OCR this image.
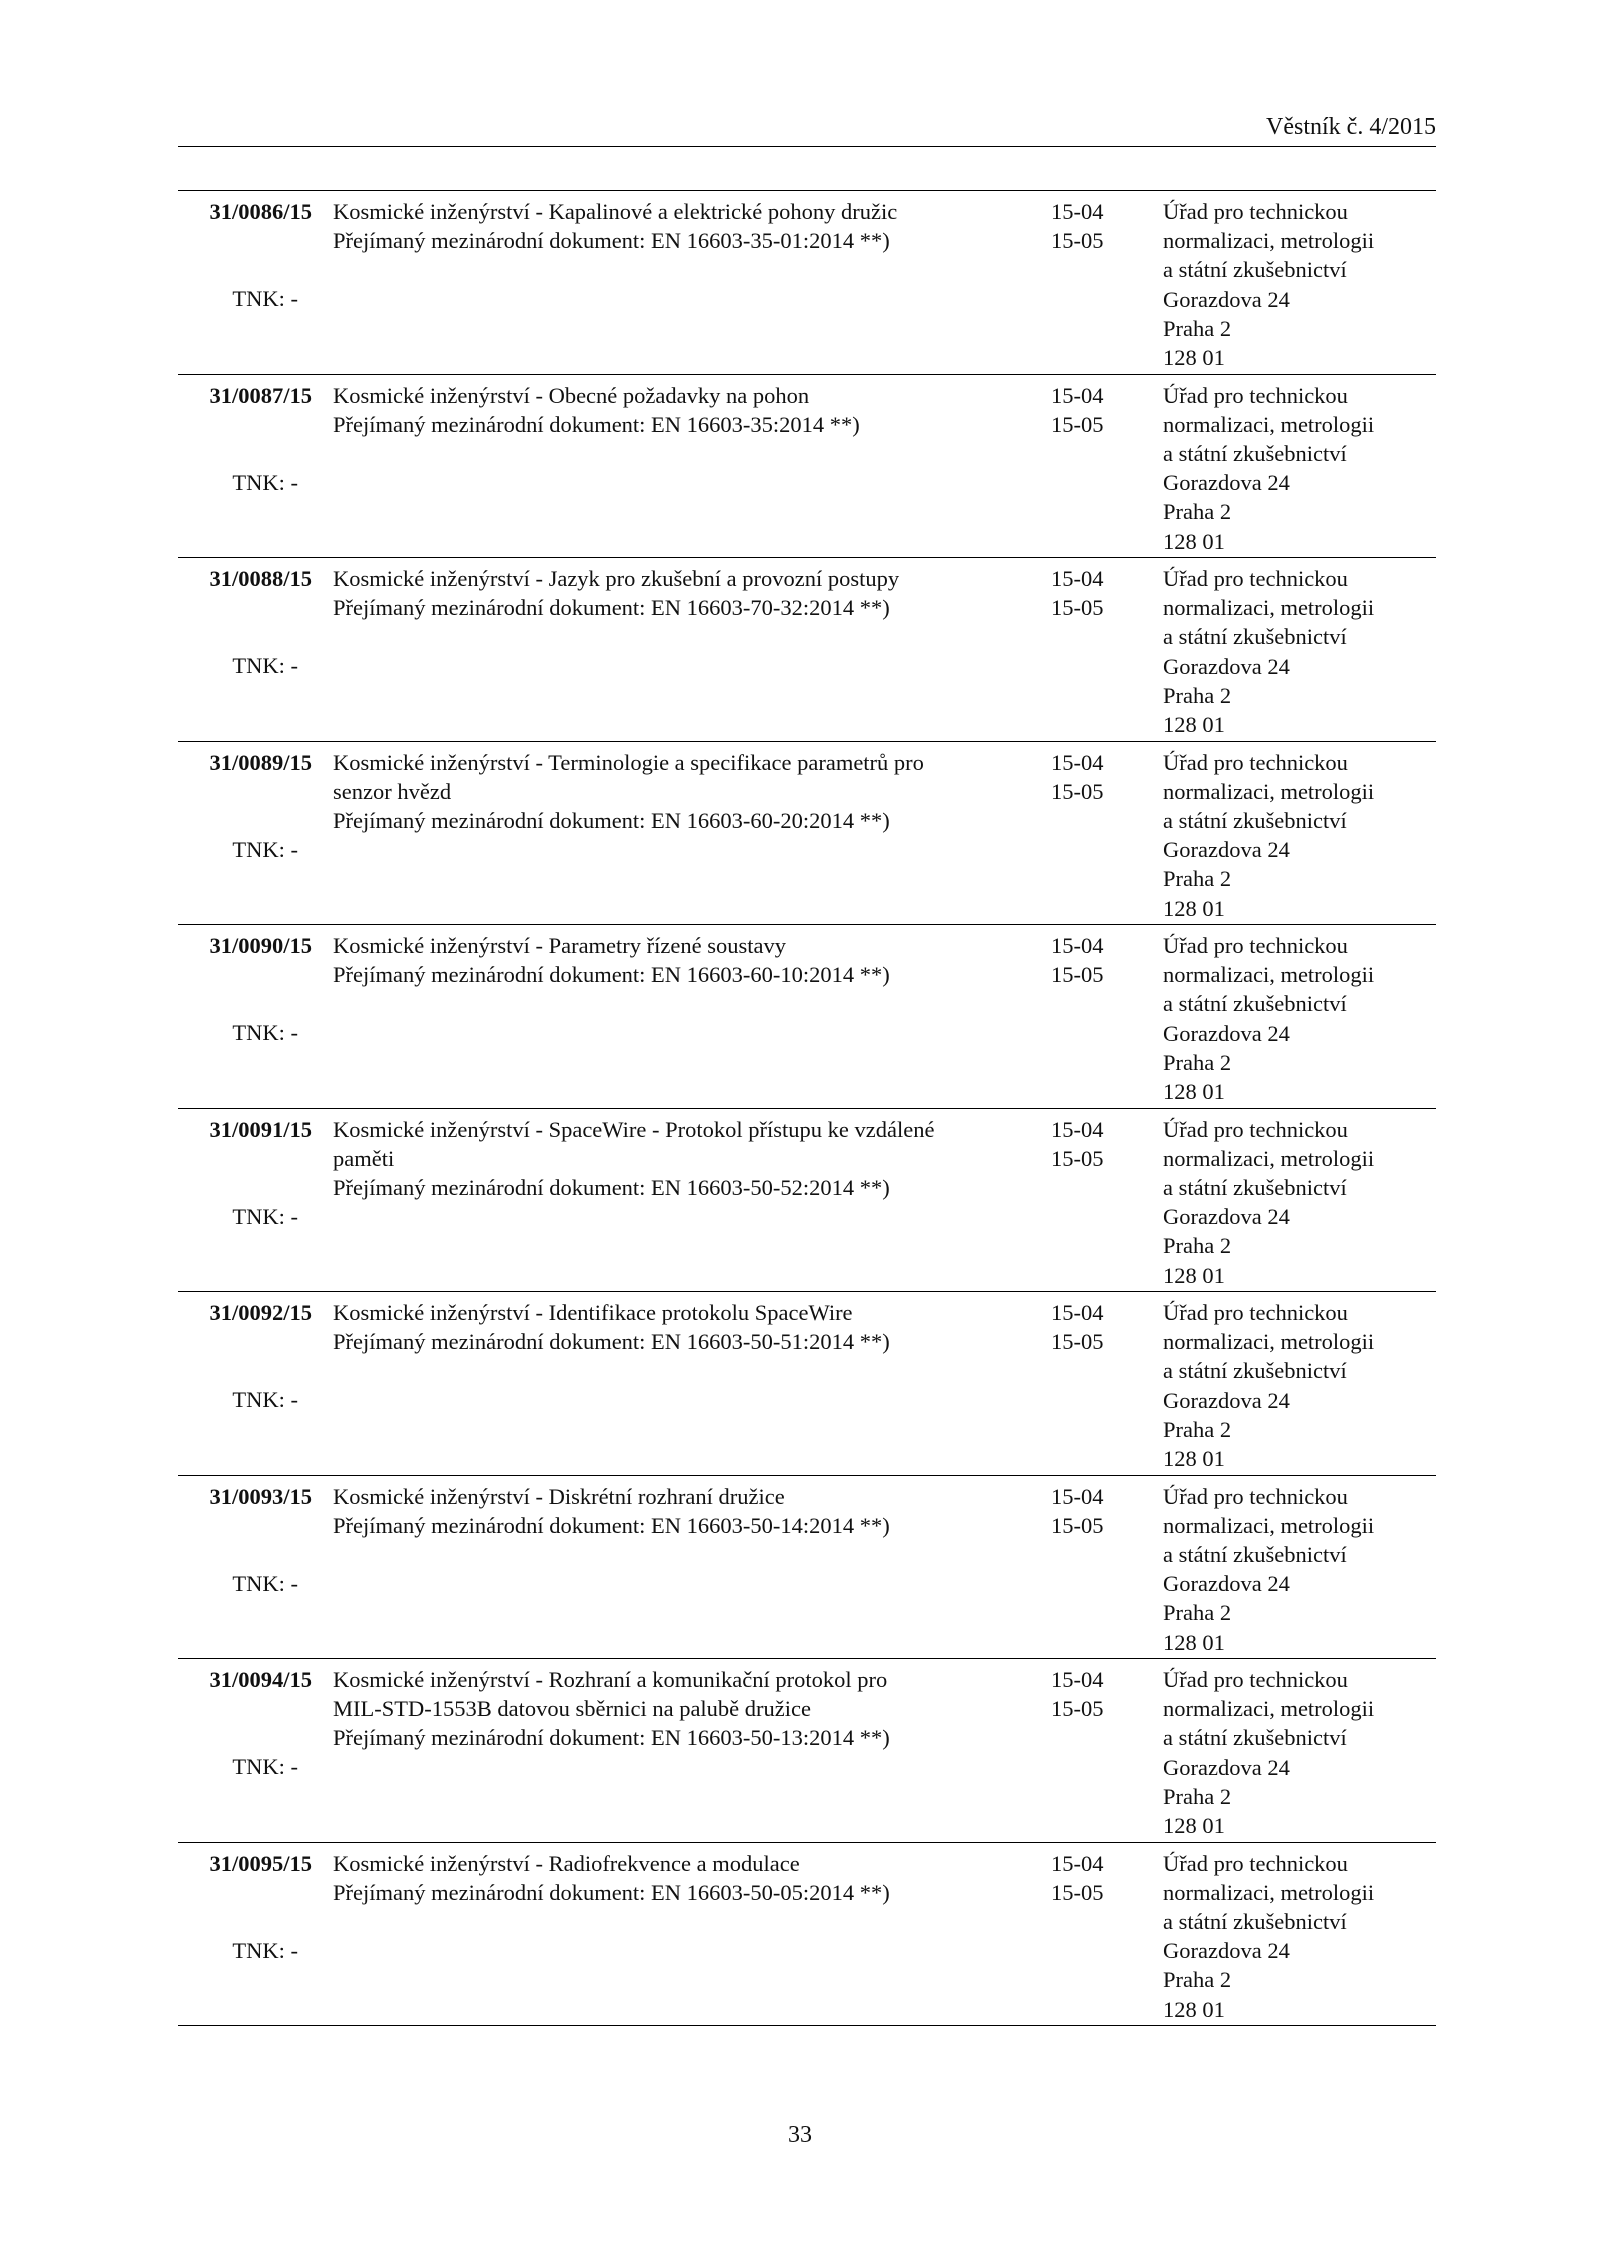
Věstník č. 4/2015
31/0086/15
TNK: -
Kosmické inženýrství - Kapalinové a elektrické pohony družic
Přejímaný mezinárodní dokument: EN 16603-35-01:2014 **)
15-04
15-05
Úřad pro technickou
normalizaci, metrologii
a státní zkušebnictví
Gorazdova 24
Praha 2
128 01
31/0087/15
TNK: -
Kosmické inženýrství - Obecné požadavky na pohon
Přejímaný mezinárodní dokument: EN 16603-35:2014 **)
15-04
15-05
Úřad pro technickou
normalizaci, metrologii
a státní zkušebnictví
Gorazdova 24
Praha 2
128 01
31/0088/15
TNK: -
Kosmické inženýrství - Jazyk pro zkušební a provozní postupy
Přejímaný mezinárodní dokument: EN 16603-70-32:2014 **)
15-04
15-05
Úřad pro technickou
normalizaci, metrologii
a státní zkušebnictví
Gorazdova 24
Praha 2
128 01
31/0089/15
TNK: -
Kosmické inženýrství - Terminologie a specifikace parametrů pro
senzor hvězd
Přejímaný mezinárodní dokument: EN 16603-60-20:2014 **)
15-04
15-05
Úřad pro technickou
normalizaci, metrologii
a státní zkušebnictví
Gorazdova 24
Praha 2
128 01
31/0090/15
TNK: -
Kosmické inženýrství - Parametry řízené soustavy
Přejímaný mezinárodní dokument: EN 16603-60-10:2014 **)
15-04
15-05
Úřad pro technickou
normalizaci, metrologii
a státní zkušebnictví
Gorazdova 24
Praha 2
128 01
31/0091/15
TNK: -
Kosmické inženýrství - SpaceWire - Protokol přístupu ke vzdálené
paměti
Přejímaný mezinárodní dokument: EN 16603-50-52:2014 **)
15-04
15-05
Úřad pro technickou
normalizaci, metrologii
a státní zkušebnictví
Gorazdova 24
Praha 2
128 01
31/0092/15
TNK: -
Kosmické inženýrství - Identifikace protokolu SpaceWire
Přejímaný mezinárodní dokument: EN 16603-50-51:2014 **)
15-04
15-05
Úřad pro technickou
normalizaci, metrologii
a státní zkušebnictví
Gorazdova 24
Praha 2
128 01
31/0093/15
TNK: -
Kosmické inženýrství - Diskrétní rozhraní družice
Přejímaný mezinárodní dokument: EN 16603-50-14:2014 **)
15-04
15-05
Úřad pro technickou
normalizaci, metrologii
a státní zkušebnictví
Gorazdova 24
Praha 2
128 01
31/0094/15
TNK: -
Kosmické inženýrství - Rozhraní a komunikační protokol pro
MIL-STD-1553B datovou sběrnici na palubě družice
Přejímaný mezinárodní dokument: EN 16603-50-13:2014 **)
15-04
15-05
Úřad pro technickou
normalizaci, metrologii
a státní zkušebnictví
Gorazdova 24
Praha 2
128 01
31/0095/15
TNK: -
Kosmické inženýrství - Radiofrekvence a modulace
Přejímaný mezinárodní dokument: EN 16603-50-05:2014 **)
15-04
15-05
Úřad pro technickou
normalizaci, metrologii
a státní zkušebnictví
Gorazdova 24
Praha 2
128 01
33
